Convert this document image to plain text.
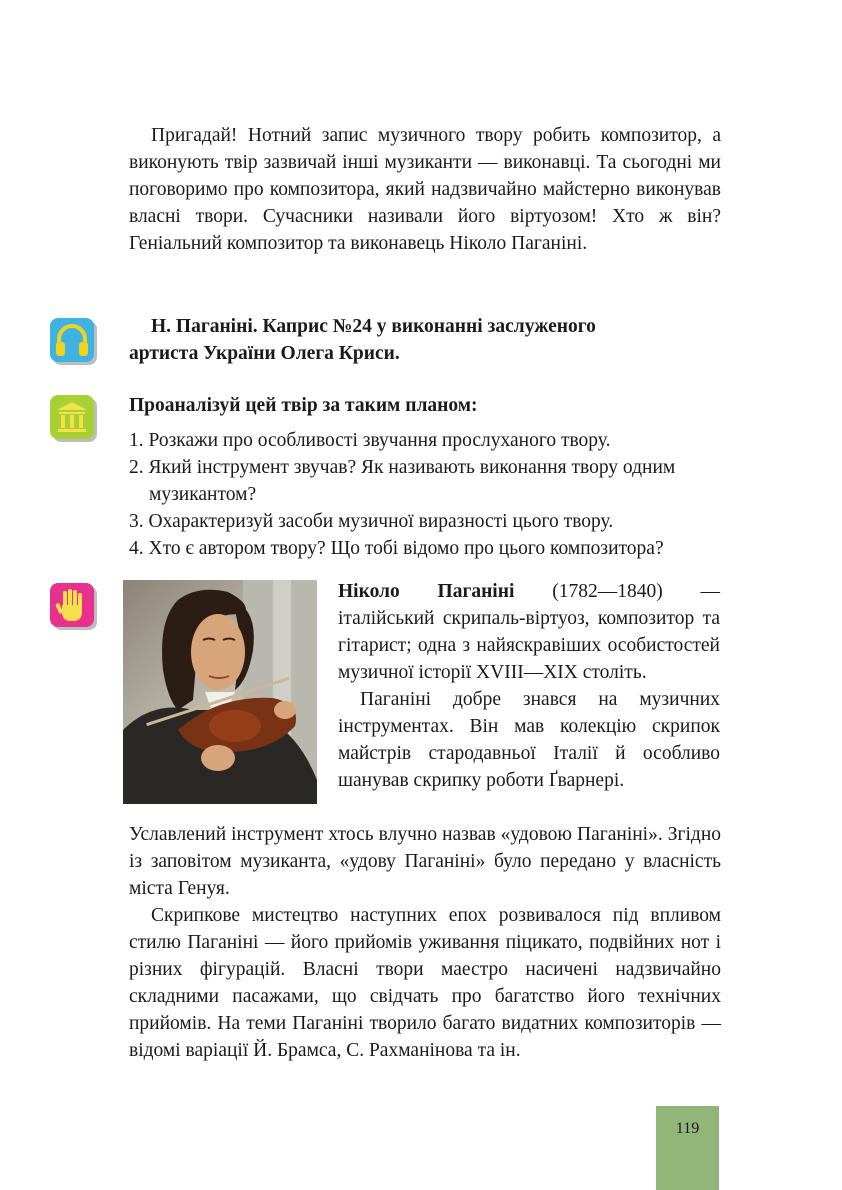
Пригадай! Нотний запис музичного твору робить композитор, а виконують твір зазвичай інші музиканти — виконавці. Та сьогодні ми поговоримо про композитора, який надзвичайно майстерно виконував власні твори. Сучасники називали його віртуозом! Хто ж він? Геніальний композитор та виконавець Ніколо Паганіні.

Н. Паганіні. Каприс №24 у виконанні заслуженого
артиста України Олега Криси.
Проаналізуй цей твір за таким планом:
1. Розкажи про особливості звучання прослуханого твору.
2. Який інструмент звучав? Як називають виконання твору одним музикантом?
3. Охарактеризуй засоби музичної виразності цього твору.
4. Хто є автором твору? Що тобі відомо про цього композитора?

Ніколо Паганіні (1782—1840) — італійський скрипаль-віртуоз, композитор та гітарист; одна з найяскравіших особистостей музичної історії XVIII—XIX століть.

Паганіні добре знався на музичних інструментах. Він мав колекцію скрипок майстрів стародавньої Італії й особливо шанував скрипку роботи Ґварнері.

Уславлений інструмент хтось влучно назвав «удовою Паганіні». Згідно із заповітом музиканта, «удову Паганіні» було передано у власність міста Генуя.

Скрипкове мистецтво наступних епох розвивалося під впливом стилю Паганіні — його прийомів уживання піцикато, подвійних нот і різних фігурацій. Власні твори маестро насичені надзвичайно складними пасажами, що свідчать про багатство його технічних прийомів. На теми Паганіні творило багато видатних композиторів — відомі варіації Й. Брамса, С. Рахманінова та ін.

119
